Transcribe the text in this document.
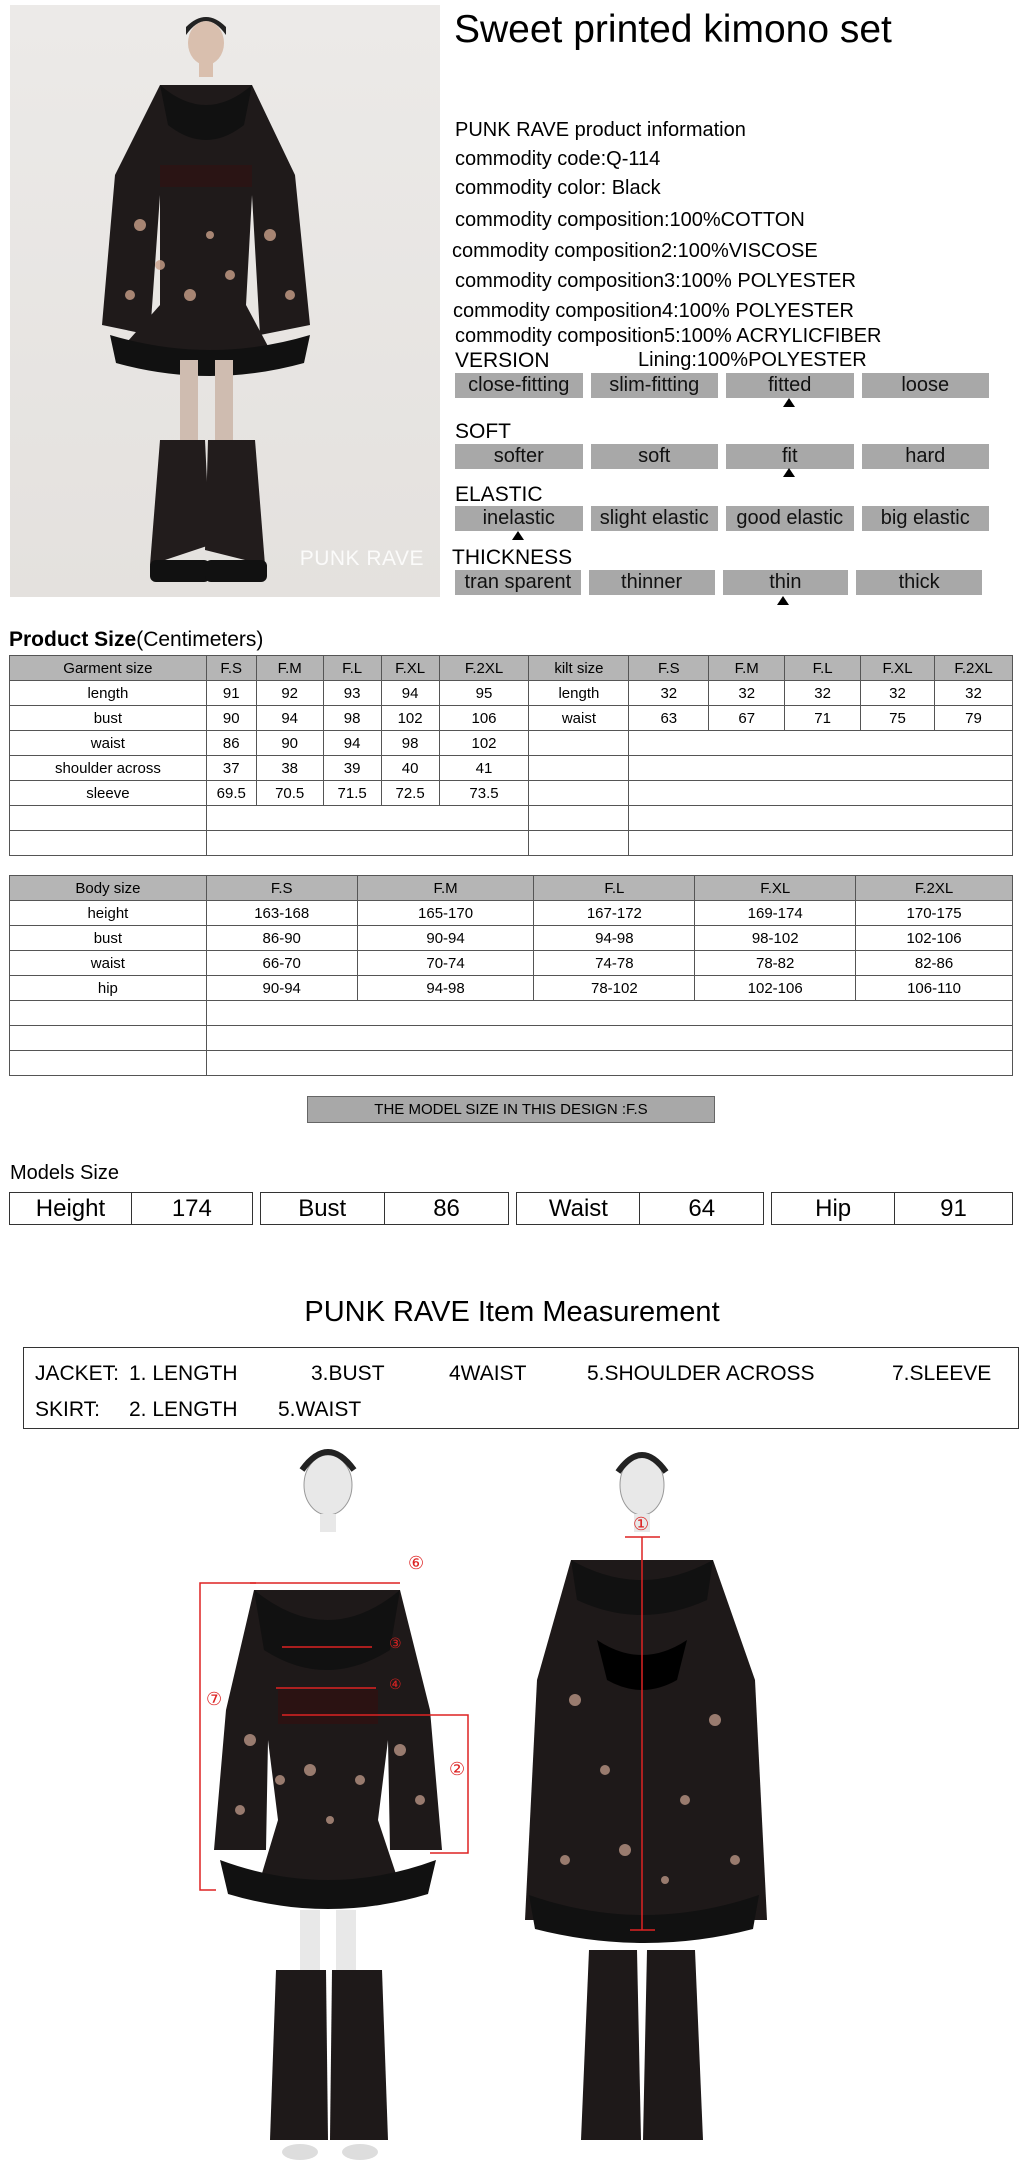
PUNK RAVE
Sweet printed kimono set
PUNK RAVE product information
commodity code:Q-114
commodity color: Black
commodity composition:100%COTTON
commodity composition2:100%VISCOSE
commodity composition3:100% POLYESTER
commodity composition4:100% POLYESTER
commodity composition5:100% ACRYLICFIBER
Lining:100%POLYESTER
VERSION
close-fitting	slim-fitting	fitted	loose
SOFT
softer	soft	fit	hard
ELASTIC
inelastic	slight elastic	good elastic	big elastic
THICKNESS
tran sparent	thinner	thin	thick
Product Size(Centimeters)
Garment size	F.S	F.M	F.L	F.XL	F.2XL	kilt size	F.S	F.M	F.L	F.XL	F.2XL
length	91	92	93	94	95	length	32	32	32	32	32
bust	90	94	98	102	106	waist	63	67	71	75	79
waist	86	90	94	98	102						
shoulder across	37	38	39	40	41						
sleeve	69.5	70.5	71.5	72.5	73.5						

Body size	F.S	F.M	F.L	F.XL	F.2XL
height	163-168	165-170	167-172	169-174	170-175
bust	86-90	90-94	94-98	98-102	102-106
waist	66-70	70-74	74-78	78-82	82-86
hip	90-94	94-98	78-102	102-106	106-110

THE MODEL SIZE IN THIS DESIGN :F.S
Models Size
Height	174		Bust	86		Waist	64		Hip	91
PUNK RAVE Item Measurement
JACKET: 1. LENGTH	3.BUST	4WAIST	5.SHOULDER ACROSS	7.SLEEVE
SKIRT: 2. LENGTH 5.WAIST
⑥
⑦
③
④
②
①
